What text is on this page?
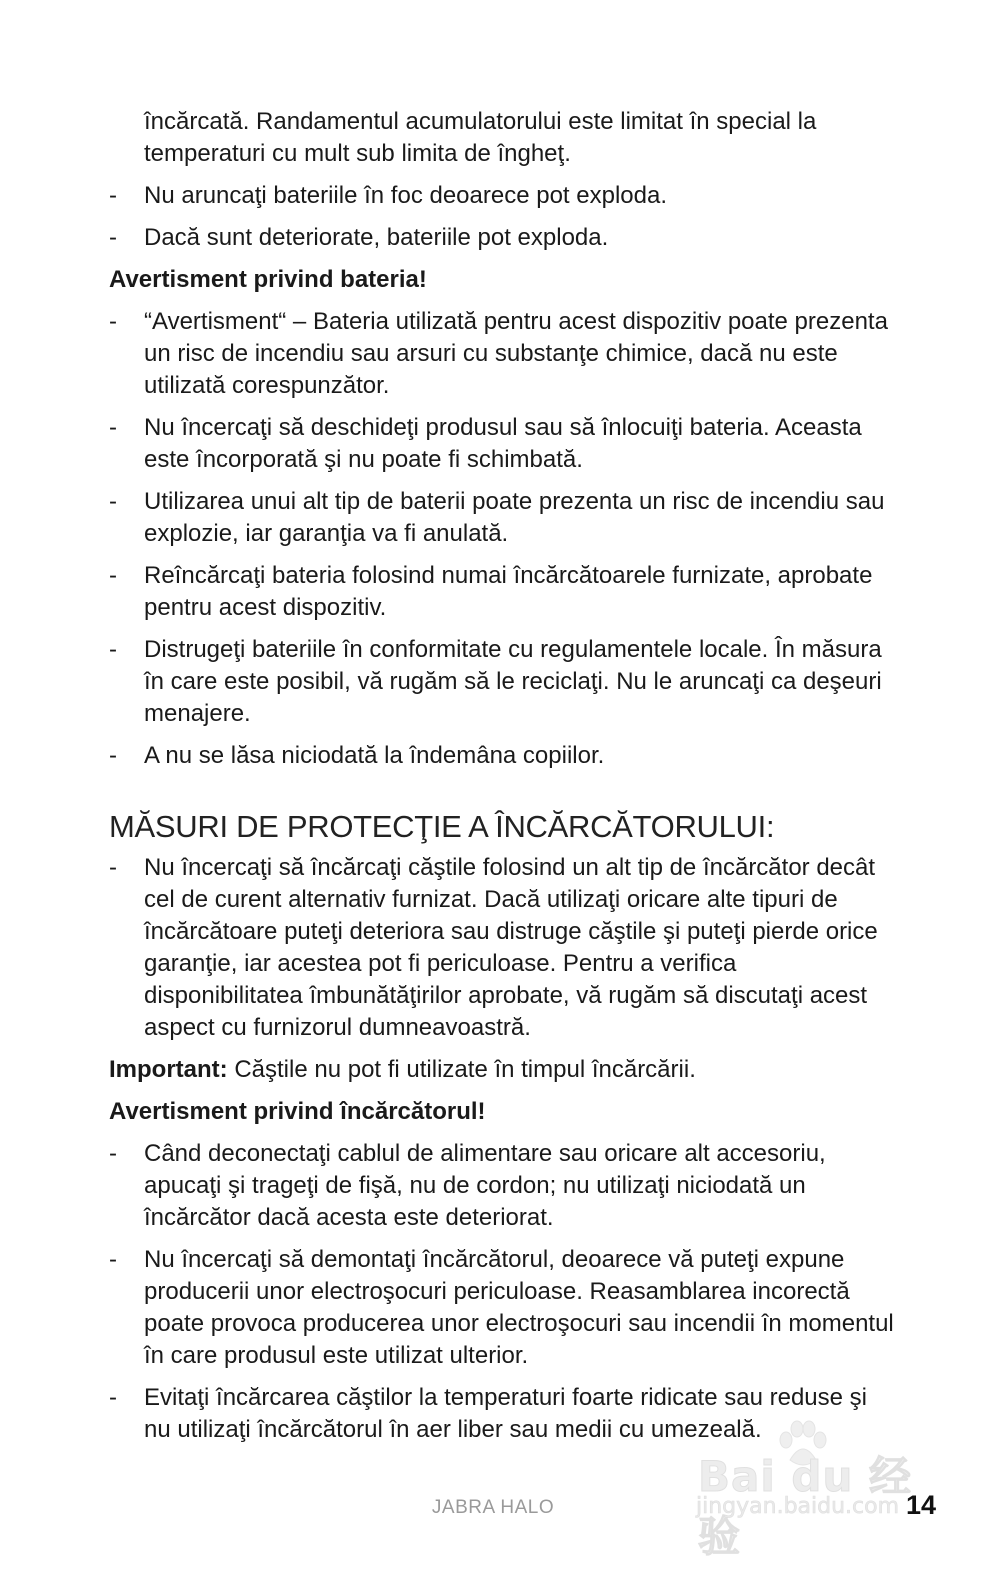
încărcată. Randamentul acumulatorului este limitat în special la temperaturi cu mult sub limita de îngheţ.
- Nu aruncaţi bateriile în foc deoarece pot exploda.
- Dacă sunt deteriorate, bateriile pot exploda.
Avertisment privind bateria!
- “Avertisment“ – Bateria utilizată pentru acest dispozitiv poate prezenta un risc de incendiu sau arsuri cu substanţe chimice, dacă nu este utilizată corespunzător.
- Nu încercaţi să deschideţi produsul sau să înlocuiţi bateria. Aceasta este încorporată şi nu poate fi schimbată.
- Utilizarea unui alt tip de baterii poate prezenta un risc de incendiu sau explozie, iar garanţia va fi anulată.
- Reîncărcaţi bateria folosind numai încărcătoarele furnizate, aprobate pentru acest dispozitiv.
- Distrugeţi bateriile în conformitate cu regulamentele locale. În măsura în care este posibil, vă rugăm să le reciclaţi. Nu le aruncaţi ca deşeuri menajere.
- A nu se lăsa niciodată la îndemâna copiilor.
MĂSURI DE PROTECŢIE A ÎNCĂRCĂTORULUI:
- Nu încercaţi să încărcaţi căştile folosind un alt tip de încărcător decât cel de curent alternativ furnizat. Dacă utilizaţi oricare alte tipuri de încărcătoare puteţi deteriora sau distruge căştile şi puteţi pierde orice garanţie, iar acestea pot fi periculoase. Pentru a verifica disponibilitatea îmbunătăţirilor aprobate, vă rugăm să discutaţi acest aspect cu furnizorul dumneavoastră.
Important: Căştile nu pot fi utilizate în timpul încărcării.
Avertisment privind încărcătorul!
- Când deconectaţi cablul de alimentare sau oricare alt accesoriu, apucaţi şi trageţi de fişă, nu de cordon; nu utilizaţi niciodată un încărcător dacă acesta este deteriorat.
- Nu încercaţi să demontaţi încărcătorul, deoarece vă puteţi expune producerii unor electroşocuri periculoase. Reasamblarea incorectă poate provoca producerea unor electroşocuri sau incendii în momentul în care produsul este utilizat ulterior.
- Evitaţi încărcarea căştilor la temperaturi foarte ridicate sau reduse şi nu utilizaţi încărcătorul în aer liber sau medii cu umezeală.
JABRA HALO	14
Bai du 经验
jingyan.baidu.com
